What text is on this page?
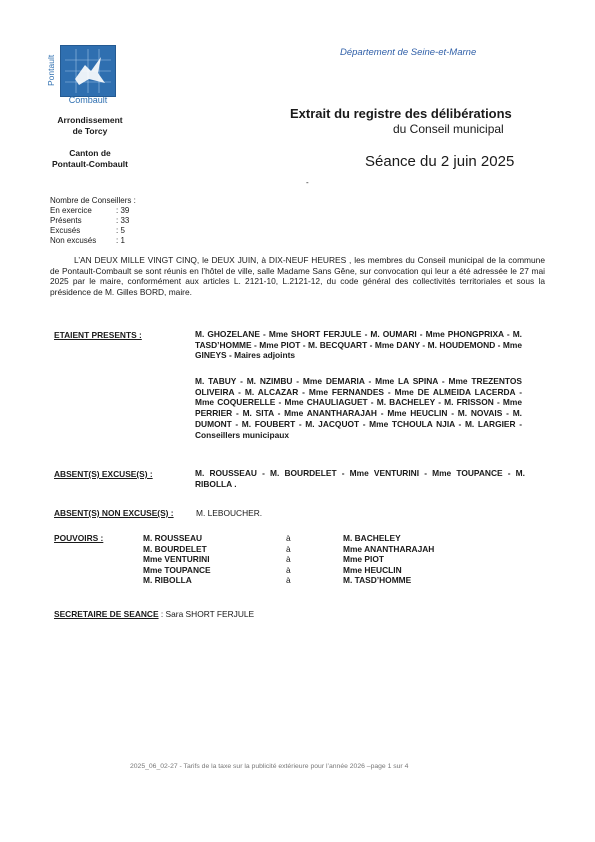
Pontault
Combault
Arrondissement
de Torcy
Canton de
Pontault-Combault
Département de Seine-et-Marne
Extrait du registre des délibérations
du Conseil municipal
Séance du 2 juin 2025
-
Nombre de Conseillers :
En exercice	: 39
Présents	: 33
Excusés	: 5
Non excusés	: 1
L’AN DEUX MILLE VINGT CINQ, le DEUX JUIN, à DIX-NEUF HEURES , les membres du Conseil municipal de la commune de Pontault-Combault se sont réunis en l’hôtel de ville, salle Madame Sans Gêne, sur convocation qui leur a été adressée le 27 mai 2025 par le maire, conformément aux articles L. 2121-10, L.2121-12, du code général des collectivités territoriales et sous la présidence de M. Gilles BORD, maire.
ETAIENT PRESENTS :	M. GHOZELANE - Mme SHORT FERJULE - M. OUMARI - Mme PHONGPRIXA - M. TASD’HOMME - Mme PIOT - M. BECQUART - Mme DANY - M. HOUDEMOND - Mme GINEYS - Maires adjoints
M. TABUY - M. NZIMBU - Mme DEMARIA - Mme LA SPINA - Mme TREZENTOS OLIVEIRA - M. ALCAZAR - Mme FERNANDES - Mme DE ALMEIDA LACERDA - Mme COQUERELLE - Mme CHAULIAGUET - M. BACHELEY - M. FRISSON - Mme PERRIER - M. SITA - Mme ANANTHARAJAH - Mme HEUCLIN - M. NOVAIS - M. DUMONT - M. FOUBERT - M. JACQUOT - Mme TCHOULA NJIA - M. LARGIER - Conseillers municipaux
ABSENT(S) EXCUSE(S) :	M. ROUSSEAU - M. BOURDELET - Mme VENTURINI - Mme TOUPANCE - M. RIBOLLA .
ABSENT(S) NON EXCUSE(S) :	M. LEBOUCHER.
POUVOIRS :	M. ROUSSEAU	à	M. BACHELEY
M. BOURDELET	à	Mme ANANTHARAJAH
Mme VENTURINI	à	Mme PIOT
Mme TOUPANCE	à	Mme HEUCLIN
M. RIBOLLA	à	M. TASD’HOMME
SECRETAIRE DE SEANCE : Sara SHORT FERJULE
2025_06_02-27 - Tarifs de la taxe sur la publicité extérieure pour l’année 2026 –page 1 sur 4
